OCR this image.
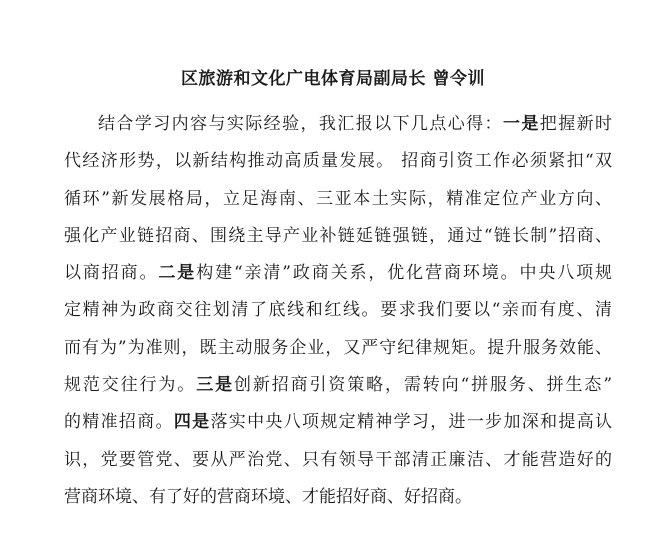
区旅游和文化广电体育局副局长 曾令训
结合学习内容与实际经验，我汇报以下几点心得：一是把握新时
代经济形势，以新结构推动高质量发展。 招商引资工作必须紧扣“双
循环”新发展格局，立足海南、三亚本土实际，精准定位产业方向、
强化产业链招商、围绕主导产业补链延链强链，通过“链长制”招商、
以商招商。二是构建“亲清”政商关系，优化营商环境。中央八项规
定精神为政商交往划清了底线和红线。要求我们要以“亲而有度、清
而有为”为准则，既主动服务企业，又严守纪律规矩。提升服务效能、
规范交往行为。三是创新招商引资策略，需转向“拼服务、拼生态”
的精准招商。四是落实中央八项规定精神学习，进一步加深和提高认
识，党要管党、要从严治党、只有领导干部清正廉洁、才能营造好的
营商环境、有了好的营商环境、才能招好商、好招商。
